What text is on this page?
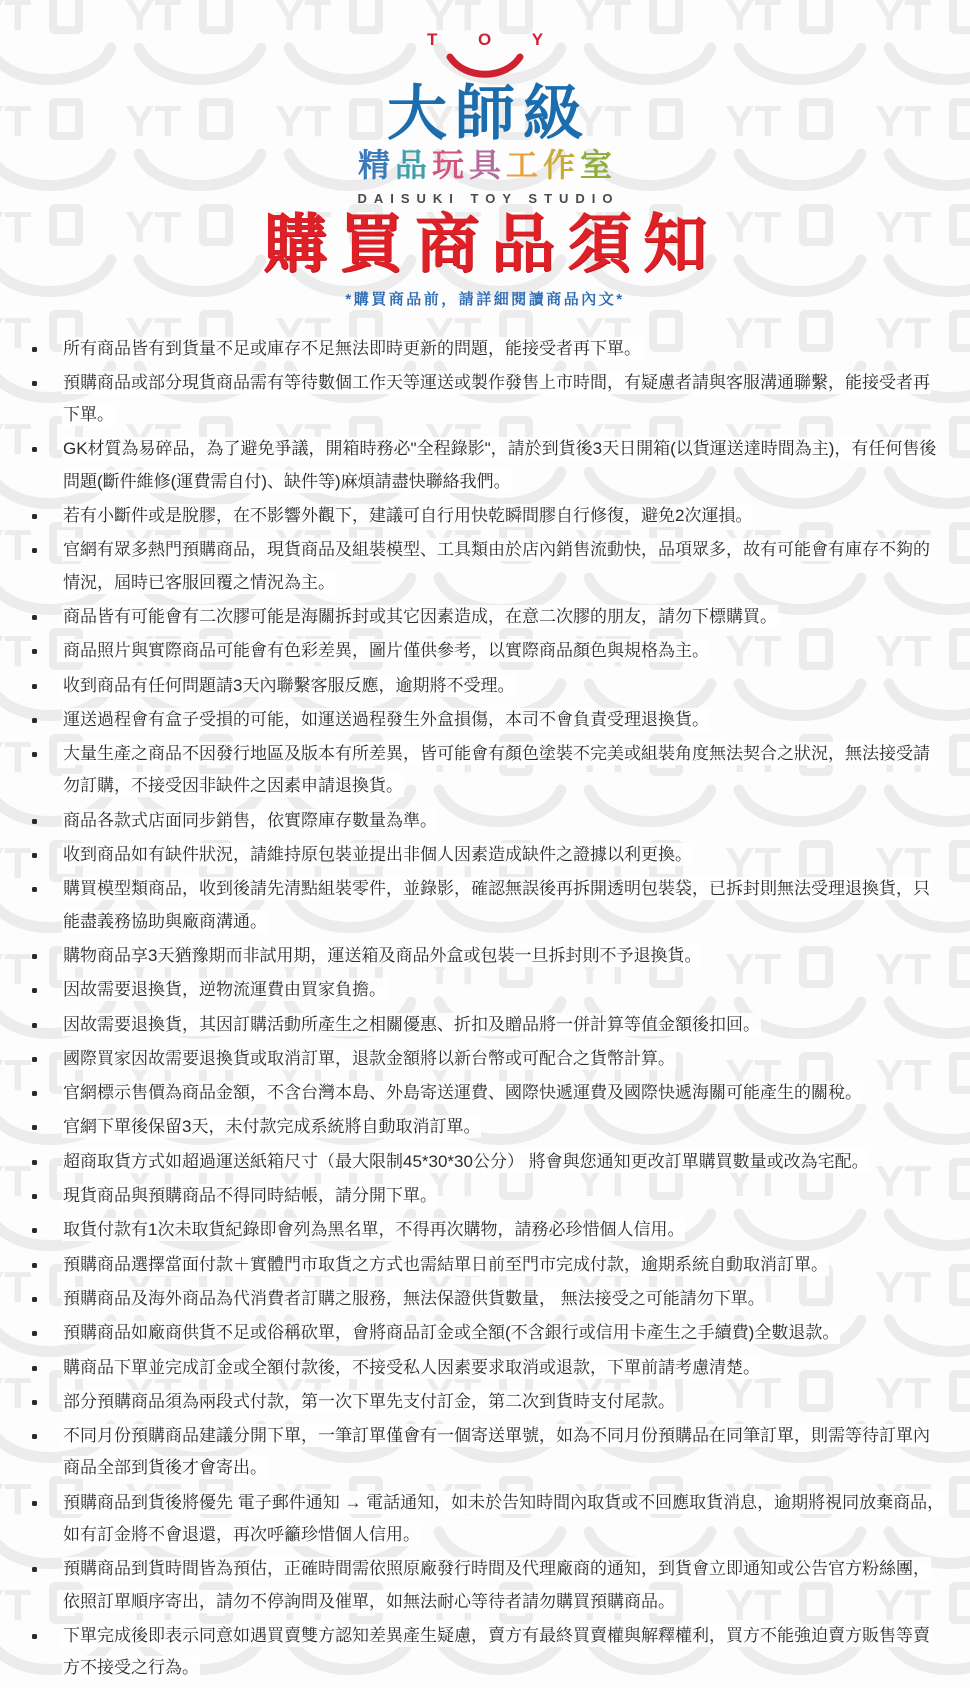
T O Y
大師級
精品玩具工作室
DAISUKI TOY STUDIO
購買商品須知
*購買商品前，請詳細閱讀商品內文*
所有商品皆有到貨量不足或庫存不足無法即時更新的問題，能接受者再下單。
預購商品或部分現貨商品需有等待數個工作天等運送或製作發售上市時間，有疑慮者請與客服溝通聯繫，能接受者再下單。
GK材質為易碎品，為了避免爭議，開箱時務必"全程錄影"，請於到貨後3天日開箱(以貨運送達時間為主)，有任何售後問題(斷件維修(運費需自付)、缺件等)麻煩請盡快聯絡我們。
若有小斷件或是脫膠，在不影響外觀下，建議可自行用快乾瞬間膠自行修復，避免2次運損。
官網有眾多熱門預購商品，現貨商品及組裝模型、工具類由於店內銷售流動快，品項眾多，故有可能會有庫存不夠的情況，屆時已客服回覆之情況為主。
商品皆有可能會有二次膠可能是海關拆封或其它因素造成，在意二次膠的朋友，請勿下標購買。
商品照片與實際商品可能會有色彩差異，圖片僅供參考，以實際商品顏色與規格為主。
收到商品有任何問題請3天內聯繫客服反應，逾期將不受理。
運送過程會有盒子受損的可能，如運送過程發生外盒損傷，本司不會負責受理退換貨。
大量生產之商品不因發行地區及版本有所差異，皆可能會有顏色塗裝不完美或組裝角度無法契合之狀況，無法接受請勿訂購，不接受因非缺件之因素申請退換貨。
商品各款式店面同步銷售，依實際庫存數量為準。
收到商品如有缺件狀況，請維持原包裝並提出非個人因素造成缺件之證據以利更換。
購買模型類商品，收到後請先清點組裝零件，並錄影，確認無誤後再拆開透明包裝袋，已拆封則無法受理退換貨，只能盡義務協助與廠商溝通。
購物商品享3天猶豫期而非試用期，運送箱及商品外盒或包裝一旦拆封則不予退換貨。
因故需要退換貨，逆物流運費由買家負擔。
因故需要退換貨，其因訂購活動所產生之相關優惠、折扣及贈品將一併計算等值金額後扣回。
國際買家因故需要退換貨或取消訂單，退款金額將以新台幣或可配合之貨幣計算。
官網標示售價為商品金額，不含台灣本島、外島寄送運費、國際快遞運費及國際快遞海關可能產生的關稅。
官網下單後保留3天，未付款完成系統將自動取消訂單。
超商取貨方式如超過運送紙箱尺寸（最大限制45*30*30公分） 將會與您通知更改訂單購買數量或改為宅配。
現貨商品與預購商品不得同時結帳，請分開下單。
取貨付款有1次未取貨紀錄即會列為黑名單，不得再次購物，請務必珍惜個人信用。
預購商品選擇當面付款＋實體門市取貨之方式也需結單日前至門市完成付款，逾期系統自動取消訂單。
預購商品及海外商品為代消費者訂購之服務，無法保證供貨數量， 無法接受之可能請勿下單。
預購商品如廠商供貨不足或俗稱砍單，會將商品訂金或全額(不含銀行或信用卡產生之手續費)全數退款。
購商品下單並完成訂金或全額付款後，不接受私人因素要求取消或退款，下單前請考慮清楚。
部分預購商品須為兩段式付款，第一次下單先支付訂金，第二次到貨時支付尾款。
不同月份預購商品建議分開下單，一筆訂單僅會有一個寄送單號，如為不同月份預購品在同筆訂單，則需等待訂單內商品全部到貨後才會寄出。
預購商品到貨後將優先 電子郵件通知 → 電話通知，如未於告知時間內取貨或不回應取貨消息，逾期將視同放棄商品，如有訂金將不會退還，再次呼籲珍惜個人信用。
預購商品到貨時間皆為預估，正確時間需依照原廠發行時間及代理廠商的通知，到貨會立即通知或公告官方粉絲團，依照訂單順序寄出，請勿不停詢問及催單，如無法耐心等待者請勿購買預購商品。
下單完成後即表示同意如遇買賣雙方認知差異產生疑慮，賣方有最終買賣權與解釋權利，買方不能強迫賣方販售等賣方不接受之行為。
